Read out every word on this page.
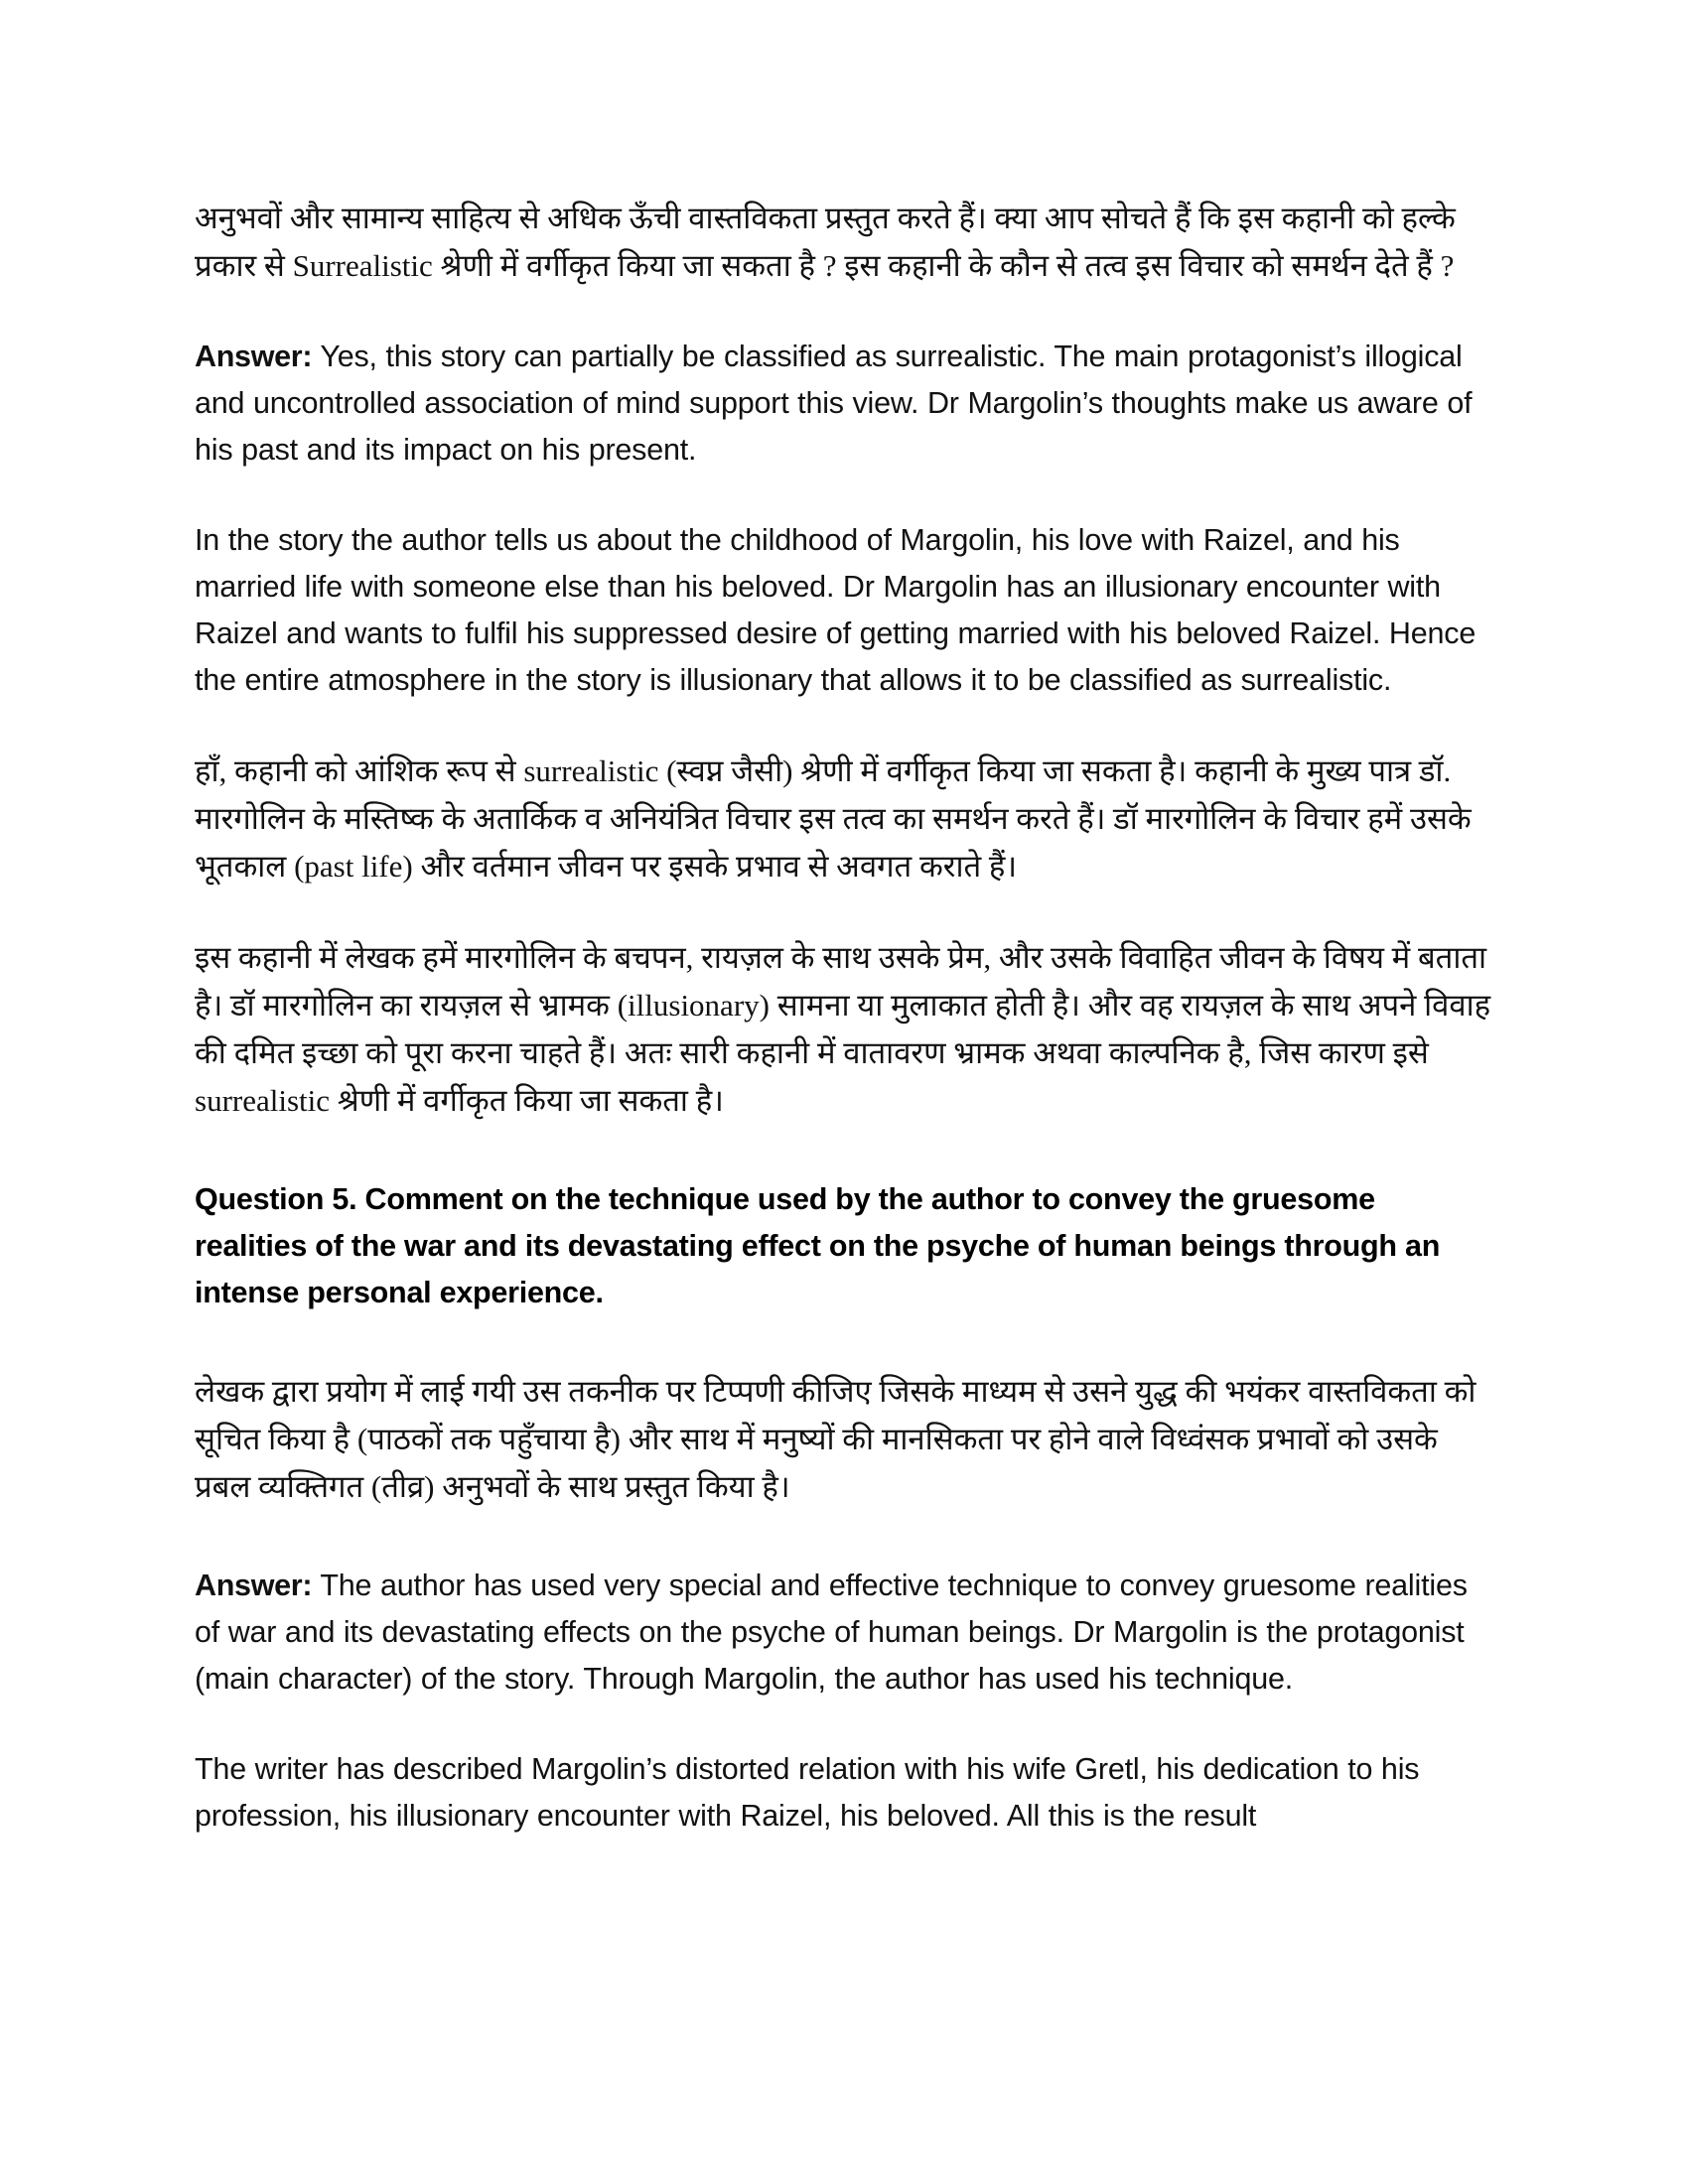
अनुभवों और सामान्य साहित्य से अधिक ऊँची वास्तविकता प्रस्तुत करते हैं। क्या आप सोचते हैं कि इस कहानी को हल्के प्रकार से Surrealistic श्रेणी में वर्गीकृत किया जा सकता है ? इस कहानी के कौन से तत्व इस विचार को समर्थन देते हैं ?

Answer: Yes, this story can partially be classified as surrealistic. The main protagonist’s illogical and uncontrolled association of mind support this view. Dr Margolin’s thoughts make us aware of his past and its impact on his present.

In the story the author tells us about the childhood of Margolin, his love with Raizel, and his married life with someone else than his beloved. Dr Margolin has an illusionary encounter with Raizel and wants to fulfil his suppressed desire of getting married with his beloved Raizel. Hence the entire atmosphere in the story is illusionary that allows it to be classified as surrealistic.

हाँ, कहानी को आंशिक रूप से surrealistic (स्वप्न जैसी) श्रेणी में वर्गीकृत किया जा सकता है। कहानी के मुख्य पात्र डॉ. मारगोलिन के मस्तिष्क के अतार्किक व अनियंत्रित विचार इस तत्व का समर्थन करते हैं। डॉ मारगोलिन के विचार हमें उसके भूतकाल (past life) और वर्तमान जीवन पर इसके प्रभाव से अवगत कराते हैं।

इस कहानी में लेखक हमें मारगोलिन के बचपन, रायज़ल के साथ उसके प्रेम, और उसके विवाहित जीवन के विषय में बताता है। डॉ मारगोलिन का रायज़ल से भ्रामक (illusionary) सामना या मुलाकात होती है। और वह रायज़ल के साथ अपने विवाह की दमित इच्छा को पूरा करना चाहते हैं। अतः सारी कहानी में वातावरण भ्रामक अथवा काल्पनिक है, जिस कारण इसे surrealistic श्रेणी में वर्गीकृत किया जा सकता है।

Question 5. Comment on the technique used by the author to convey the gruesome realities of the war and its devastating effect on the psyche of human beings through an intense personal experience.

लेखक द्वारा प्रयोग में लाई गयी उस तकनीक पर टिप्पणी कीजिए जिसके माध्यम से उसने युद्ध की भयंकर वास्तविकता को सूचित किया है (पाठकों तक पहुँचाया है) और साथ में मनुष्यों की मानसिकता पर होने वाले विध्वंसक प्रभावों को उसके प्रबल व्यक्तिगत (तीव्र) अनुभवों के साथ प्रस्तुत किया है।

Answer: The author has used very special and effective technique to convey gruesome realities of war and its devastating effects on the psyche of human beings. Dr Margolin is the protagonist (main character) of the story. Through Margolin, the author has used his technique.

The writer has described Margolin’s distorted relation with his wife Gretl, his dedication to his profession, his illusionary encounter with Raizel, his beloved. All this is the result
